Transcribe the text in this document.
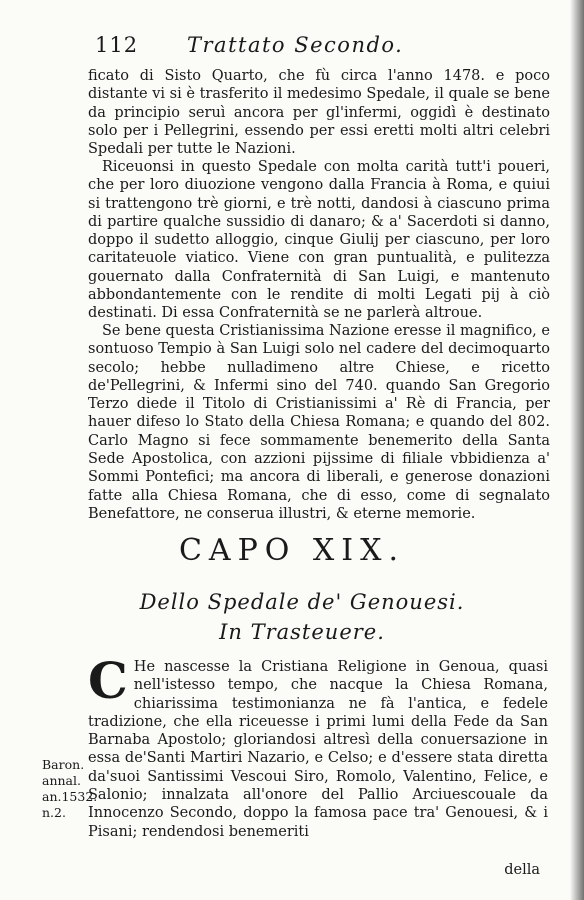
112 Trattato Secondo.

ficato di Sisto Quarto, che fù circa l'anno 1478. e poco distante vi si è trasferito il medesimo Spedale, il quale se bene da principio seruì ancora per gl'infermi, oggidì è destinato solo per i Pellegrini, essendo per essi eretti molti altri celebri Spedali per tutte le Nazioni.

Riceuonsi in questo Spedale con molta carità tutt'i poueri, che per loro diuozione vengono dalla Francia à Roma, e quiui si trattengono trè giorni, e trè notti, dandosi à ciascuno prima di partire qualche sussidio di danaro; & a' Sacerdoti si danno, doppo il sudetto alloggio, cinque Giulij per ciascuno, per loro caritateuole viatico. Viene con gran puntualità, e pulitezza gouernato dalla Confraternità di San Luigi, e mantenuto abbondantemente con le rendite di molti Legati pij à ciò destinati. Di essa Confraternità se ne parlerà altroue.

Se bene questa Cristianissima Nazione eresse il magnifico, e sontuoso Tempio à San Luigi solo nel cadere del decimoquarto secolo; hebbe nulladimeno altre Chiese, e ricetto de'Pellegrini, & Infermi sino del 740. quando San Gregorio Terzo diede il Titolo di Cristianissimi a' Rè di Francia, per hauer difeso lo Stato della Chiesa Romana; e quando del 802. Carlo Magno si fece sommamente benemerito della Santa Sede Apostolica, con azzioni pijssime di filiale vbbidienza a' Sommi Pontefici; ma ancora di liberali, e generose donazioni fatte alla Chiesa Romana, che di esso, come di segnalato Benefattore, ne conserua illustri, & eterne memorie.

CAPO XIX.
Dello Spedale de' Genouesi.
In Trasteuere.
C He nascesse la Cristiana Religione in Genoua, quasi nell'istesso tempo, che nacque la Chiesa Romana, chiarissima testimonianza ne fà l'antica, e fedele tradizione, che ella riceuesse i primi lumi della Fede da San Barnaba Apostolo; gloriandosi altresì della conuersazione in essa de'Santi Martiri Nazario, e Celso; e d'essere stata diretta da'suoi Santissimi Vescoui Siro, Romolo, Valentino, Felice, e Salonio; innalzata all'onore del Pallio Arciuescouale da Innocenzo Secondo, doppo la famosa pace tra' Genouesi, & i Pisani; rendendosi benemeriti
Baron.
annal.
an.1532.
n.2.
della
